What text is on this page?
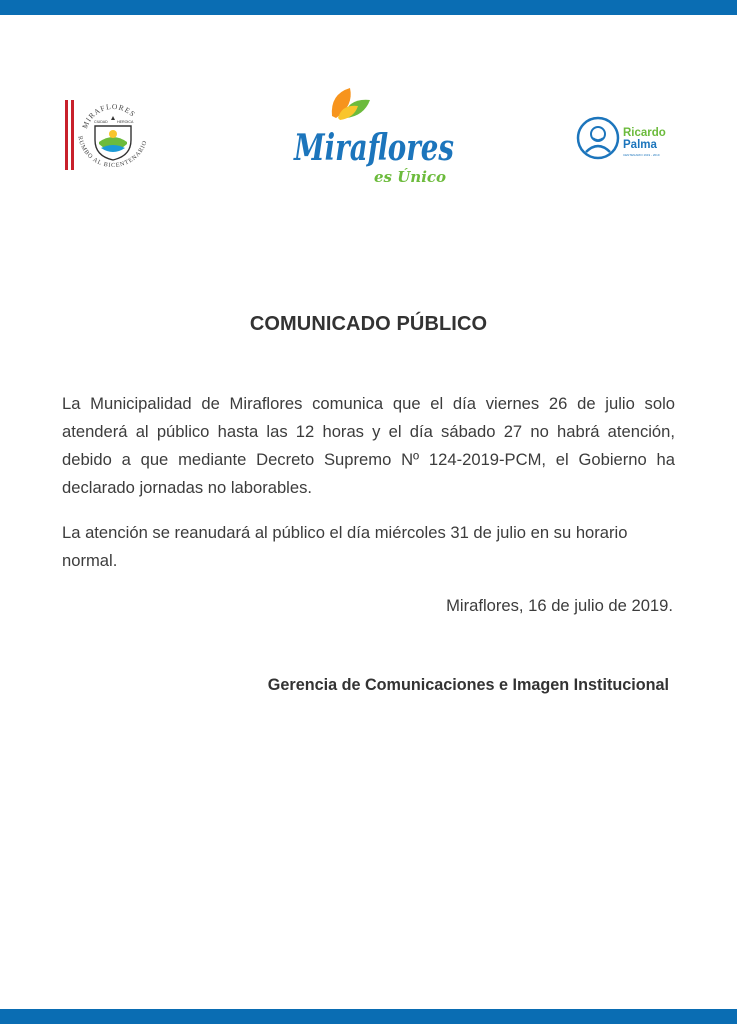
MIRAFLORES
RUMBO AL BICENTENARIO
CIUDAD	HEROICA
Miraflores
es Único
Ricardo
Palma
CENTENARIO 1919 - 2019
COMUNICADO PÚBLICO

La Municipalidad de Miraflores comunica que el día viernes 26 de julio solo atenderá al público hasta las 12 horas y el día sábado 27 no habrá atención, debido a que mediante Decreto Supremo Nº 124-2019-PCM, el Gobierno ha declarado jornadas no laborables.

La atención se reanudará al público el día miércoles 31 de julio en su horario normal.

Miraflores, 16 de julio de 2019.
Gerencia de Comunicaciones e Imagen Institucional
